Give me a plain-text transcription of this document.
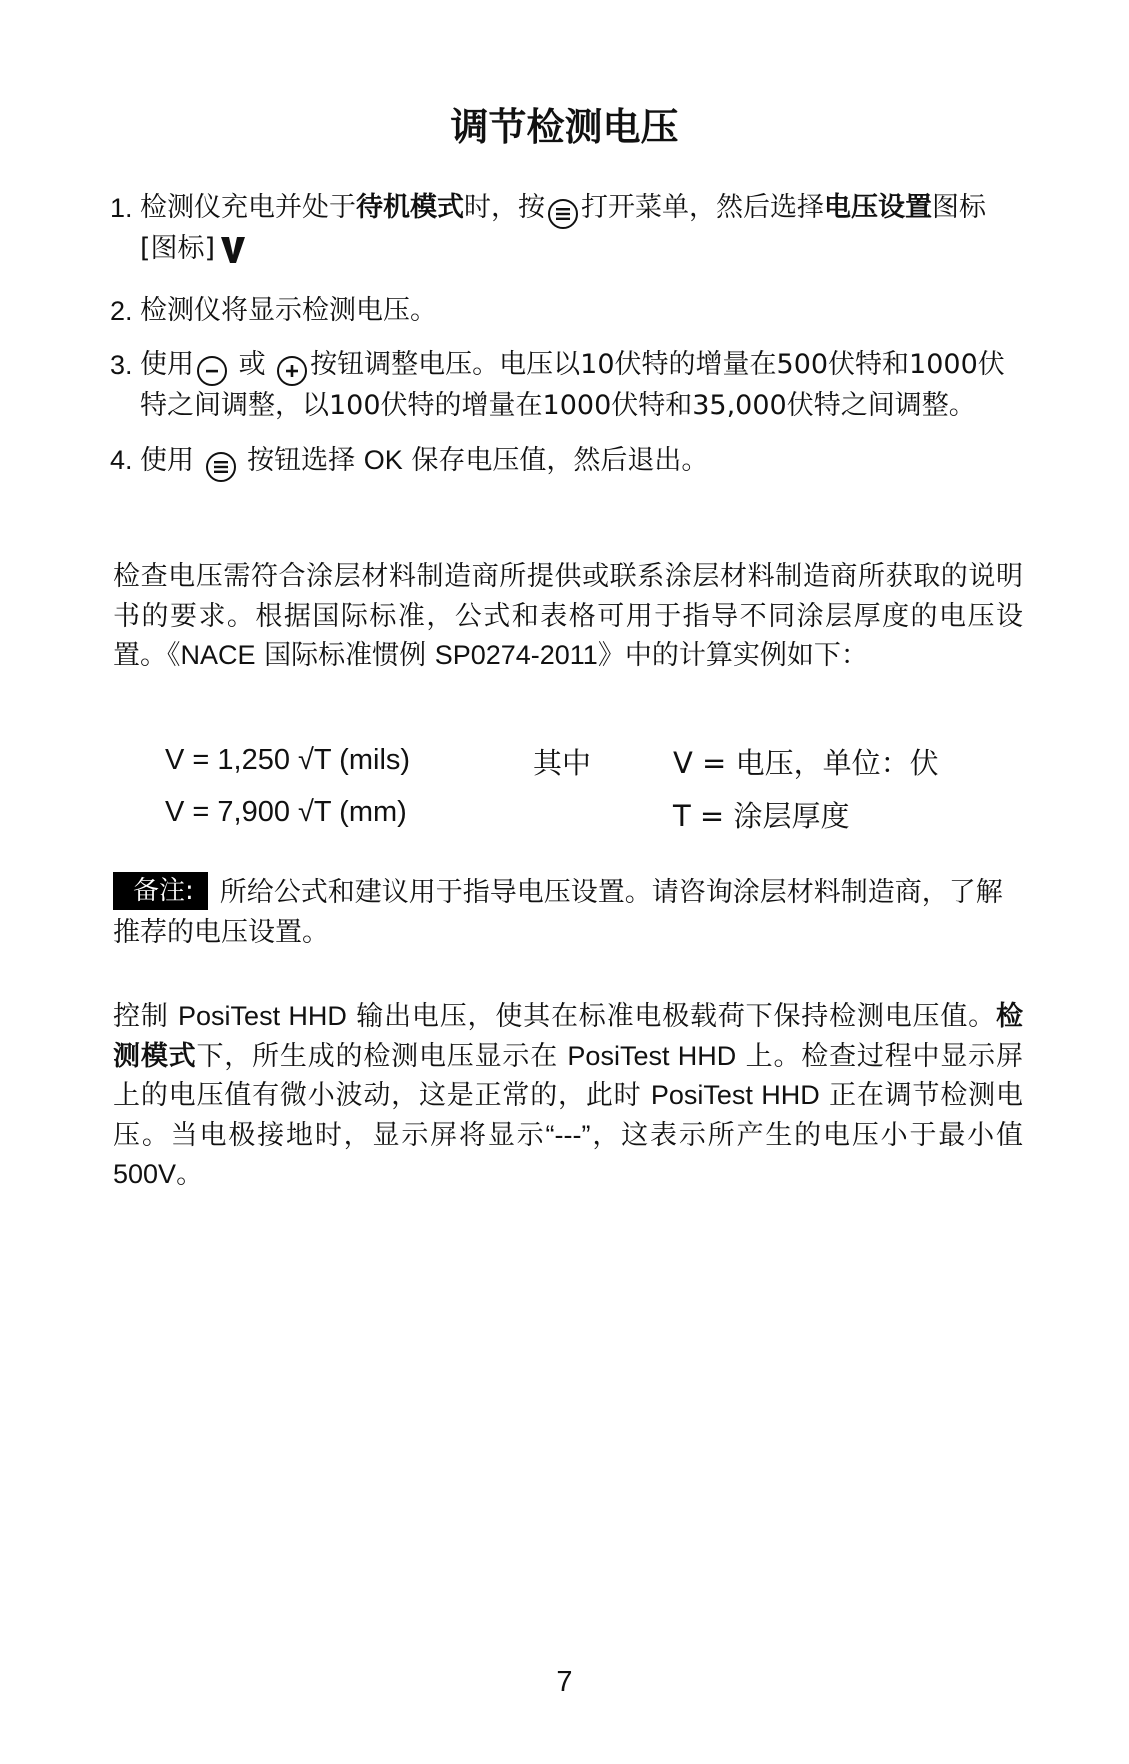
调节检测电压
1. 检测仪充电并处于待机模式时，按 打开菜单，然后选择电压设置图标[图标]
2. 检测仪将显示检测电压。
3. 使用
或
按钮调整电压。电压以10伏特的增量在500伏特和1000伏特之间调整，以100伏特的增量在1000伏特和35,000伏特之间调整。
4. 使用
按钮选择 OK 保存电压值，然后退出。
检查电压需符合涂层材料制造商所提供或联系涂层材料制造商所获取的说明书的要求。根据国际标准，公式和表格可用于指导不同涂层厚度的电压设置。《NACE 国际标准惯例 SP0274-2011》中的计算实例如下：
V = 1,250 √T (mils)
V = 7,900 √T (mm)
其中	V = 电压，单位：伏
T = 涂层厚度
备注: 所给公式和建议用于指导电压设置。请咨询涂层材料制造商，了解推荐的电压设置。
控制 PosiTest HHD 输出电压，使其在标准电极载荷下保持检测电压值。检测模式下，所生成的检测电压显示在 PosiTest HHD 上。检查过程中显示屏上的电压值有微小波动，这是正常的，此时 PosiTest HHD 正在调节检测电压。当电极接地时，显示屏将显示“---”，这表示所产生的电压小于最小值 500V。
7
